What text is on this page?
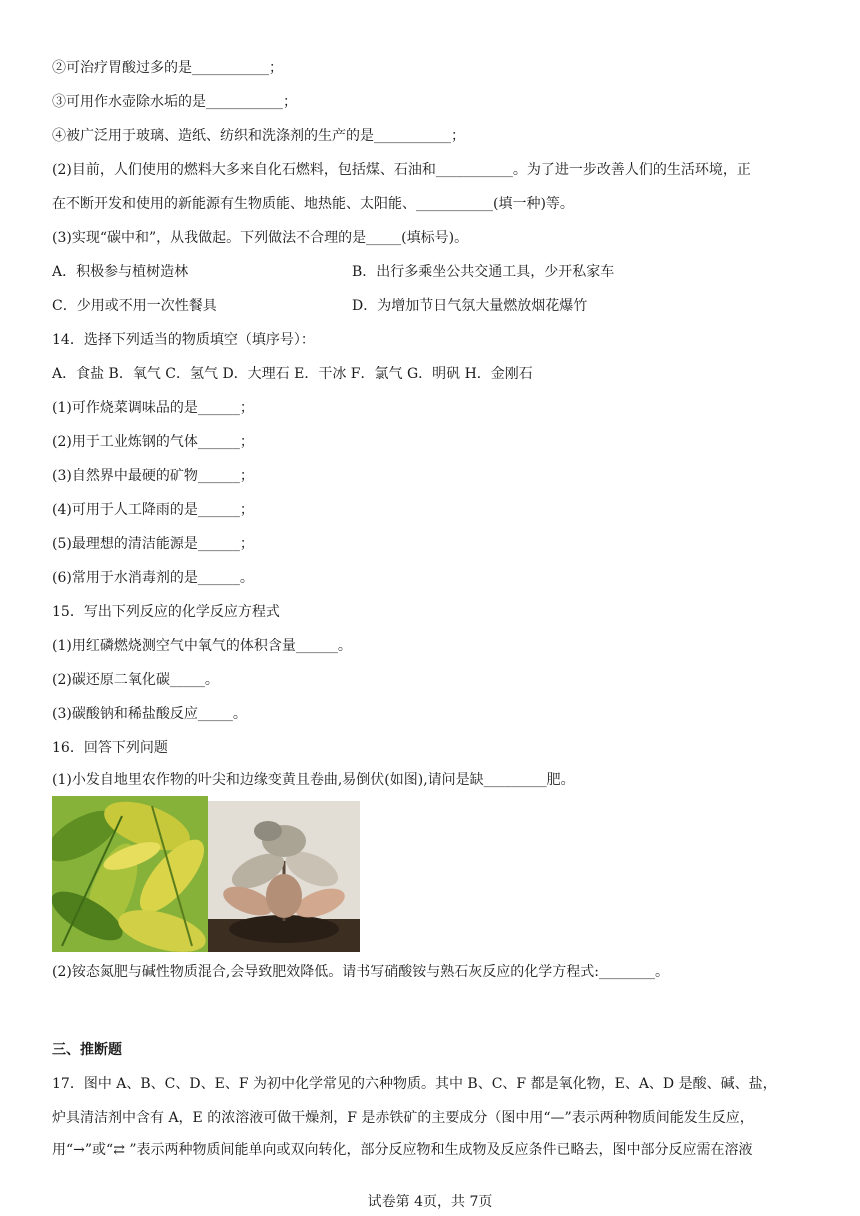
②可治疗胃酸过多的是___________；
③可用作水壶除水垢的是___________；
④被广泛用于玻璃、造纸、纺织和洗涤剂的生产的是___________；
(2)目前，人们使用的燃料大多来自化石燃料，包括煤、石油和___________。为了进一步改善人们的生活环境，正
在不断开发和使用的新能源有生物质能、地热能、太阳能、___________(填一种)等。
(3)实现“碳中和”，从我做起。下列做法不合理的是_____(填标号)。
A．积极参与植树造林	B．出行多乘坐公共交通工具，少开私家车
C．少用或不用一次性餐具	D．为增加节日气氛大量燃放烟花爆竹
14．选择下列适当的物质填空（填序号）：
A．食盐 B．氧气 C．氢气 D．大理石 E．干冰 F．氯气 G．明矾 H．金刚石
(1)可作烧菜调味品的是______；
(2)用于工业炼钢的气体______；
(3)自然界中最硬的矿物______；
(4)可用于人工降雨的是______；
(5)最理想的清洁能源是______；
(6)常用于水消毒剂的是______。
15．写出下列反应的化学反应方程式
(1)用红磷燃烧测空气中氧气的体积含量______。
(2)碳还原二氧化碳_____。
(3)碳酸钠和稀盐酸反应_____。
16．回答下列问题
(1)小发自地里农作物的叶尖和边缘变黄且卷曲,易倒伏(如图),请问是缺_________肥。
(2)铵态氮肥与碱性物质混合,会导致肥效降低。请书写硝酸铵与熟石灰反应的化学方程式:________。
三、推断题
17．图中 A、B、C、D、E、F 为初中化学常见的六种物质。其中 B、C、F 都是氧化物，E、A、D 是酸、碱、盐，
炉具清洁剂中含有 A，E 的浓溶液可做干燥剂，F 是赤铁矿的主要成分（图中用“—”表示两种物质间能发生反应，
用“→”或“⇄ ”表示两种物质间能单向或双向转化，部分反应物和生成物及反应条件已略去，图中部分反应需在溶液
试卷第 4页，共 7页
